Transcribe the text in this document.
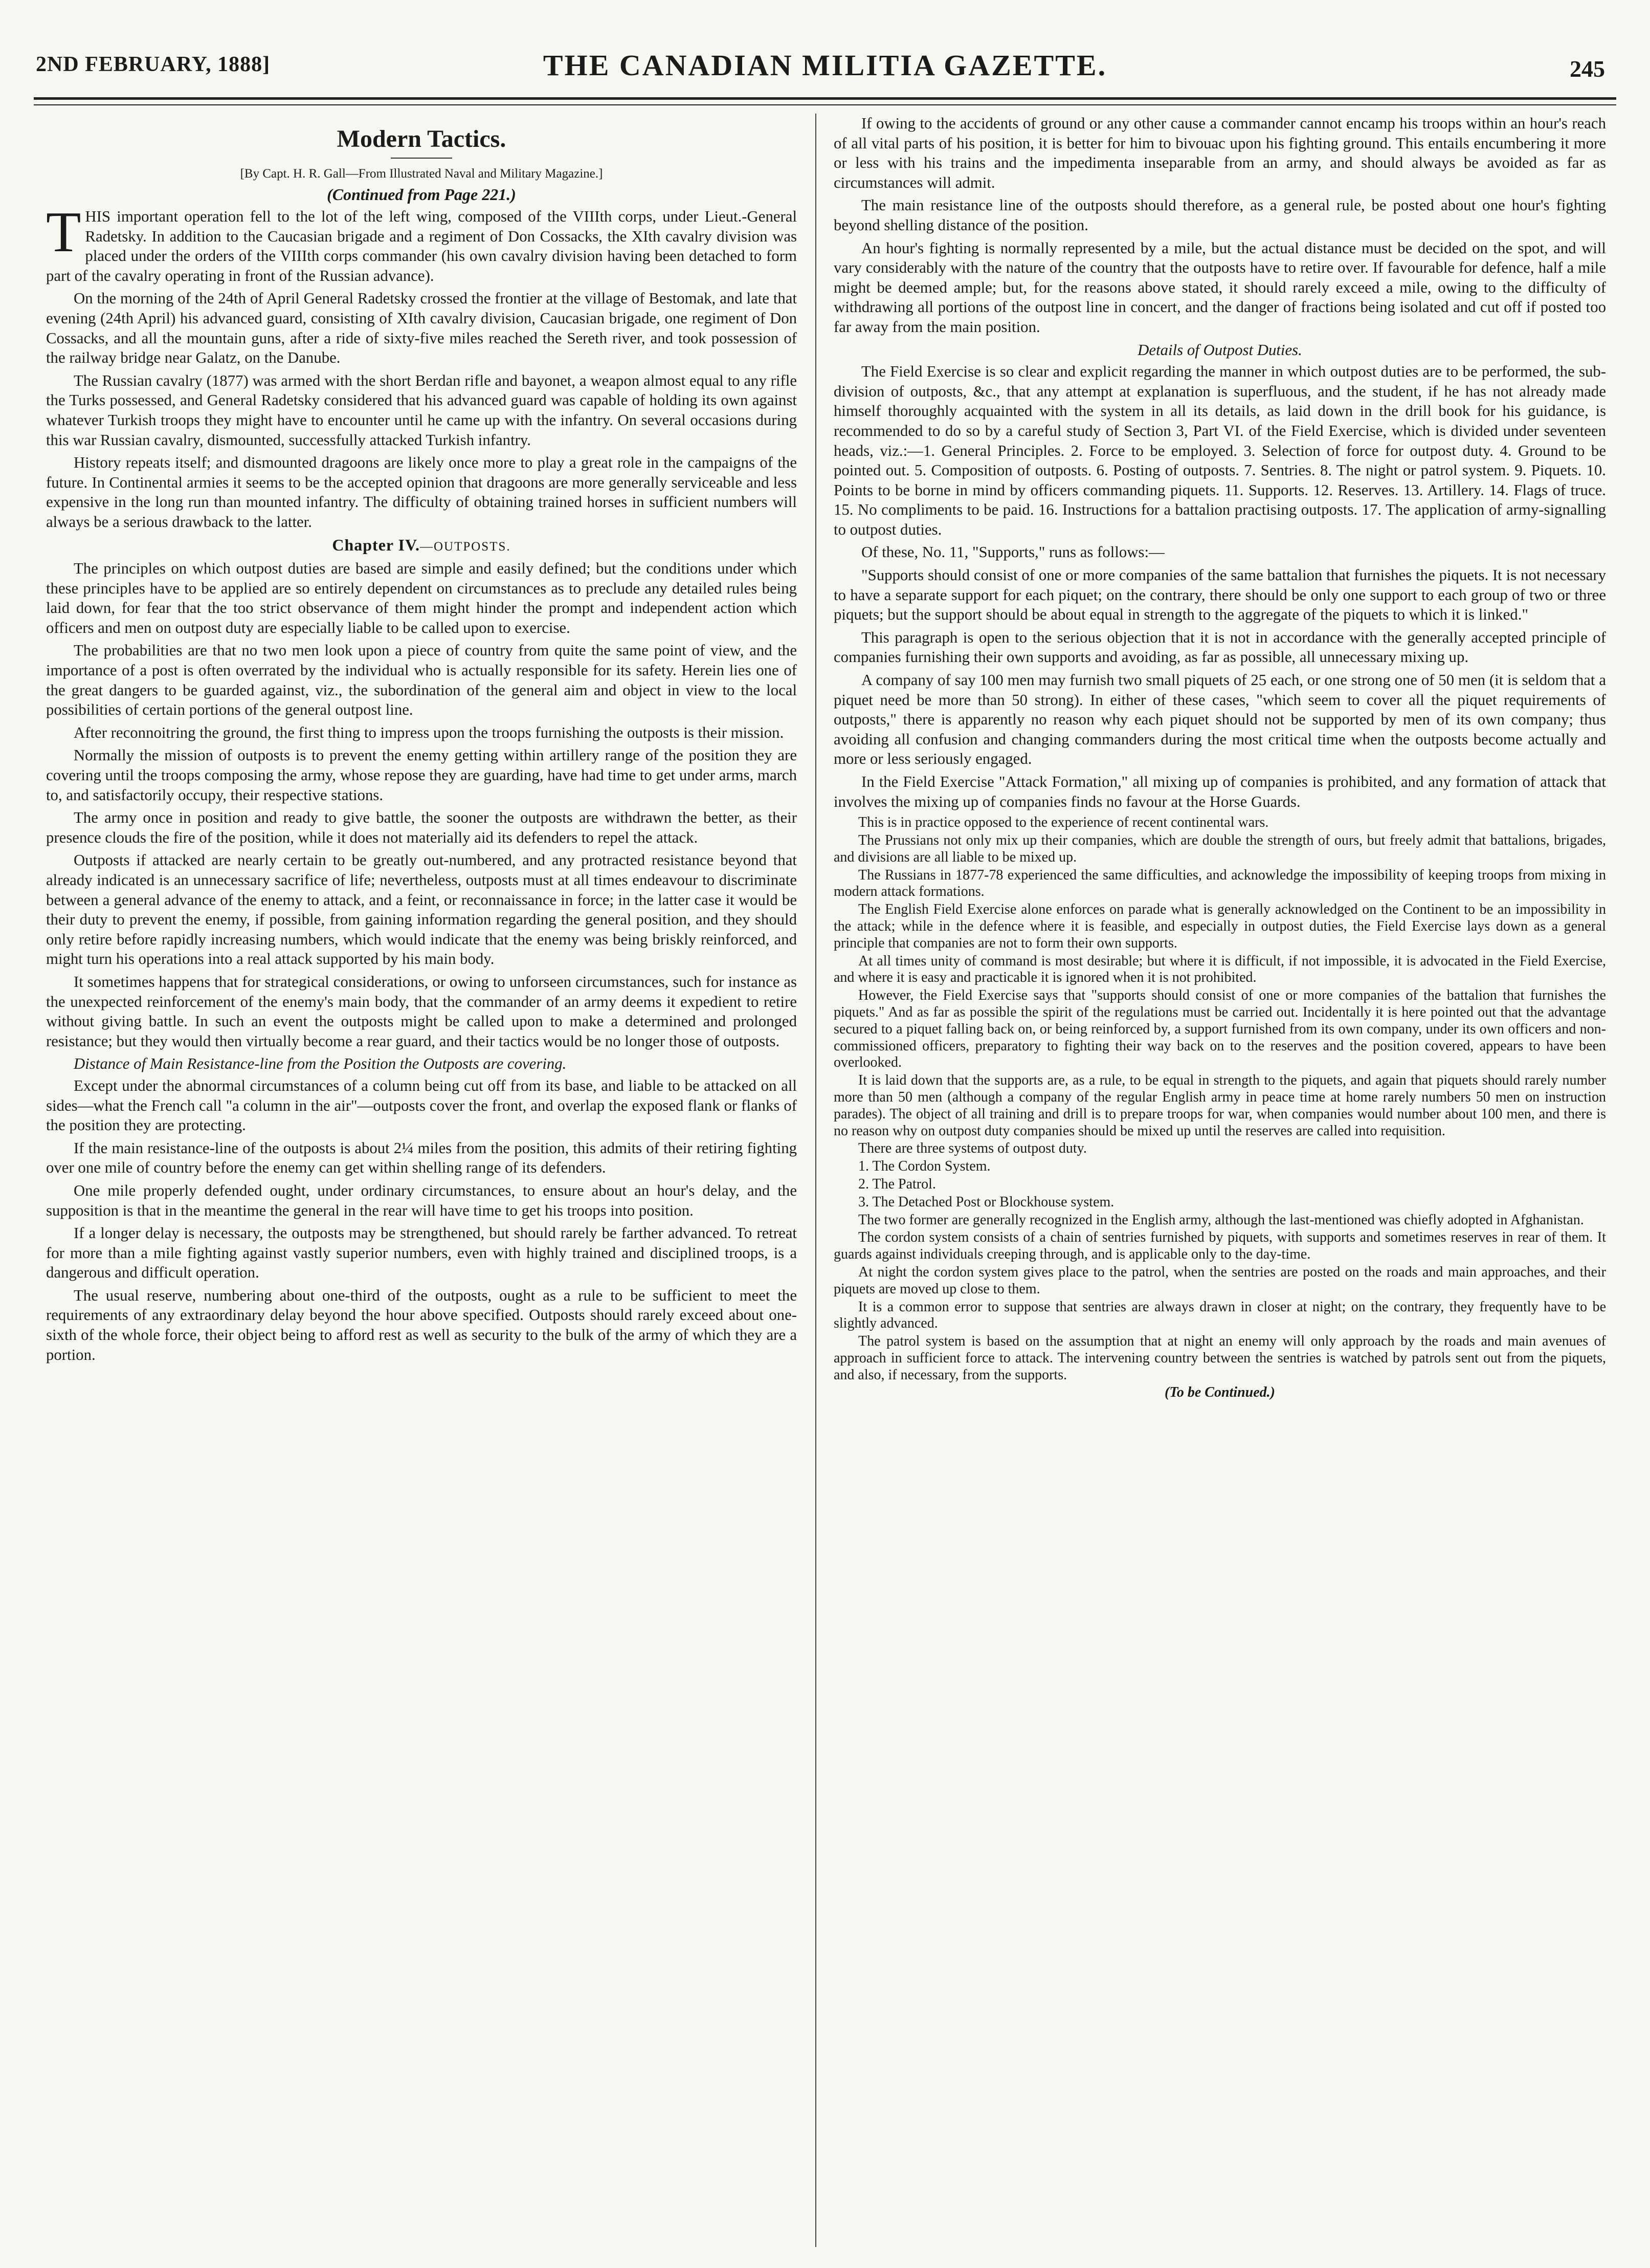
2ND FEBRUARY, 1888]	THE CANADIAN MILITIA GAZETTE.	245
Modern Tactics.
[By Capt. H. R. Gall—From Illustrated Naval and Military Magazine.]
(Continued from Page 221.)

THIS important operation fell to the lot of the left wing, composed of the VIIIth corps, under Lieut.-General Radetsky. In addition to the Caucasian brigade and a regiment of Don Cossacks, the XIth cavalry division was placed under the orders of the VIIIth corps commander (his own cavalry division having been detached to form part of the cavalry operating in front of the Russian advance).

On the morning of the 24th of April General Radetsky crossed the frontier at the village of Bestomak, and late that evening (24th April) his advanced guard, consisting of XIth cavalry division, Caucasian brigade, one regiment of Don Cossacks, and all the mountain guns, after a ride of sixty-five miles reached the Sereth river, and took possession of the railway bridge near Galatz, on the Danube.

The Russian cavalry (1877) was armed with the short Berdan rifle and bayonet, a weapon almost equal to any rifle the Turks possessed, and General Radetsky considered that his advanced guard was capable of holding its own against whatever Turkish troops they might have to encounter until he came up with the infantry. On several occasions during this war Russian cavalry, dismounted, successfully attacked Turkish infantry.

History repeats itself; and dismounted dragoons are likely once more to play a great role in the campaigns of the future. In Continental armies it seems to be the accepted opinion that dragoons are more generally serviceable and less expensive in the long run than mounted infantry. The difficulty of obtaining trained horses in sufficient numbers will always be a serious drawback to the latter.

Chapter IV.—OUTPOSTS.

The principles on which outpost duties are based are simple and easily defined; but the conditions under which these principles have to be applied are so entirely dependent on circumstances as to preclude any detailed rules being laid down, for fear that the too strict observance of them might hinder the prompt and independent action which officers and men on outpost duty are especially liable to be called upon to exercise.

The probabilities are that no two men look upon a piece of country from quite the same point of view, and the importance of a post is often overrated by the individual who is actually responsible for its safety. Herein lies one of the great dangers to be guarded against, viz., the subordination of the general aim and object in view to the local possibilities of certain portions of the general outpost line.

After reconnoitring the ground, the first thing to impress upon the troops furnishing the outposts is their mission.

Normally the mission of outposts is to prevent the enemy getting within artillery range of the position they are covering until the troops composing the army, whose repose they are guarding, have had time to get under arms, march to, and satisfactorily occupy, their respective stations.

The army once in position and ready to give battle, the sooner the outposts are withdrawn the better, as their presence clouds the fire of the position, while it does not materially aid its defenders to repel the attack.

Outposts if attacked are nearly certain to be greatly out-numbered, and any protracted resistance beyond that already indicated is an unnecessary sacrifice of life; nevertheless, outposts must at all times endeavour to discriminate between a general advance of the enemy to attack, and a feint, or reconnaissance in force; in the latter case it would be their duty to prevent the enemy, if possible, from gaining information regarding the general position, and they should only retire before rapidly increasing numbers, which would indicate that the enemy was being briskly reinforced, and might turn his operations into a real attack supported by his main body.

It sometimes happens that for strategical considerations, or owing to unforseen circumstances, such for instance as the unexpected reinforcement of the enemy's main body, that the commander of an army deems it expedient to retire without giving battle. In such an event the outposts might be called upon to make a determined and prolonged resistance; but they would then virtually become a rear guard, and their tactics would be no longer those of outposts.

Distance of Main Resistance-line from the Position the Outposts are covering.

Except under the abnormal circumstances of a column being cut off from its base, and liable to be attacked on all sides—what the French call "a column in the air"—outposts cover the front, and overlap the exposed flank or flanks of the position they are protecting.

If the main resistance-line of the outposts is about 2¼ miles from the position, this admits of their retiring fighting over one mile of country before the enemy can get within shelling range of its defenders.

One mile properly defended ought, under ordinary circumstances, to ensure about an hour's delay, and the supposition is that in the meantime the general in the rear will have time to get his troops into position.

If a longer delay is necessary, the outposts may be strengthened, but should rarely be farther advanced. To retreat for more than a mile fighting against vastly superior numbers, even with highly trained and disciplined troops, is a dangerous and difficult operation.

The usual reserve, numbering about one-third of the outposts, ought as a rule to be sufficient to meet the requirements of any extraordinary delay beyond the hour above specified. Outposts should rarely exceed about one-sixth of the whole force, their object being to afford rest as well as security to the bulk of the army of which they are a portion.

If owing to the accidents of ground or any other cause a commander cannot encamp his troops within an hour's reach of all vital parts of his position, it is better for him to bivouac upon his fighting ground. This entails encumbering it more or less with his trains and the impedimenta inseparable from an army, and should always be avoided as far as circumstances will admit.

The main resistance line of the outposts should therefore, as a general rule, be posted about one hour's fighting beyond shelling distance of the position.

An hour's fighting is normally represented by a mile, but the actual distance must be decided on the spot, and will vary considerably with the nature of the country that the outposts have to retire over. If favourable for defence, half a mile might be deemed ample; but, for the reasons above stated, it should rarely exceed a mile, owing to the difficulty of withdrawing all portions of the outpost line in concert, and the danger of fractions being isolated and cut off if posted too far away from the main position.

Details of Outpost Duties.

The Field Exercise is so clear and explicit regarding the manner in which outpost duties are to be performed, the sub-division of outposts, &c., that any attempt at explanation is superfluous, and the student, if he has not already made himself thoroughly acquainted with the system in all its details, as laid down in the drill book for his guidance, is recommended to do so by a careful study of Section 3, Part VI. of the Field Exercise, which is divided under seventeen heads, viz.:—1. General Principles. 2. Force to be employed. 3. Selection of force for outpost duty. 4. Ground to be pointed out. 5. Composition of outposts. 6. Posting of outposts. 7. Sentries. 8. The night or patrol system. 9. Piquets. 10. Points to be borne in mind by officers commanding piquets. 11. Supports. 12. Reserves. 13. Artillery. 14. Flags of truce. 15. No compliments to be paid. 16. Instructions for a battalion practising outposts. 17. The application of army-signalling to outpost duties.

Of these, No. 11, "Supports," runs as follows:—

"Supports should consist of one or more companies of the same battalion that furnishes the piquets. It is not necessary to have a separate support for each piquet; on the contrary, there should be only one support to each group of two or three piquets; but the support should be about equal in strength to the aggregate of the piquets to which it is linked."

This paragraph is open to the serious objection that it is not in accordance with the generally accepted principle of companies furnishing their own supports and avoiding, as far as possible, all unnecessary mixing up.

A company of say 100 men may furnish two small piquets of 25 each, or one strong one of 50 men (it is seldom that a piquet need be more than 50 strong). In either of these cases, "which seem to cover all the piquet requirements of outposts," there is apparently no reason why each piquet should not be supported by men of its own company; thus avoiding all confusion and changing commanders during the most critical time when the outposts become actually and more or less seriously engaged.

In the Field Exercise "Attack Formation," all mixing up of companies is prohibited, and any formation of attack that involves the mixing up of companies finds no favour at the Horse Guards.

This is in practice opposed to the experience of recent continental wars.

The Prussians not only mix up their companies, which are double the strength of ours, but freely admit that battalions, brigades, and divisions are all liable to be mixed up.

The Russians in 1877-78 experienced the same difficulties, and acknowledge the impossibility of keeping troops from mixing in modern attack formations.

The English Field Exercise alone enforces on parade what is generally acknowledged on the Continent to be an impossibility in the attack; while in the defence where it is feasible, and especially in outpost duties, the Field Exercise lays down as a general principle that companies are not to form their own supports.

At all times unity of command is most desirable; but where it is difficult, if not impossible, it is advocated in the Field Exercise, and where it is easy and practicable it is ignored when it is not prohibited.

However, the Field Exercise says that "supports should consist of one or more companies of the battalion that furnishes the piquets." And as far as possible the spirit of the regulations must be carried out. Incidentally it is here pointed out that the advantage secured to a piquet falling back on, or being reinforced by, a support furnished from its own company, under its own officers and non-commissioned officers, preparatory to fighting their way back on to the reserves and the position covered, appears to have been overlooked.

It is laid down that the supports are, as a rule, to be equal in strength to the piquets, and again that piquets should rarely number more than 50 men (although a company of the regular English army in peace time at home rarely numbers 50 men on instruction parades). The object of all training and drill is to prepare troops for war, when companies would number about 100 men, and there is no reason why on outpost duty companies should be mixed up until the reserves are called into requisition.

There are three systems of outpost duty.

1. The Cordon System.

2. The Patrol.

3. The Detached Post or Blockhouse system.

The two former are generally recognized in the English army, although the last-mentioned was chiefly adopted in Afghanistan.

The cordon system consists of a chain of sentries furnished by piquets, with supports and sometimes reserves in rear of them. It guards against individuals creeping through, and is applicable only to the day-time.

At night the cordon system gives place to the patrol, when the sentries are posted on the roads and main approaches, and their piquets are moved up close to them.

It is a common error to suppose that sentries are always drawn in closer at night; on the contrary, they frequently have to be slightly advanced.

The patrol system is based on the assumption that at night an enemy will only approach by the roads and main avenues of approach in sufficient force to attack. The intervening country between the sentries is watched by patrols sent out from the piquets, and also, if necessary, from the supports.

(To be Continued.)
